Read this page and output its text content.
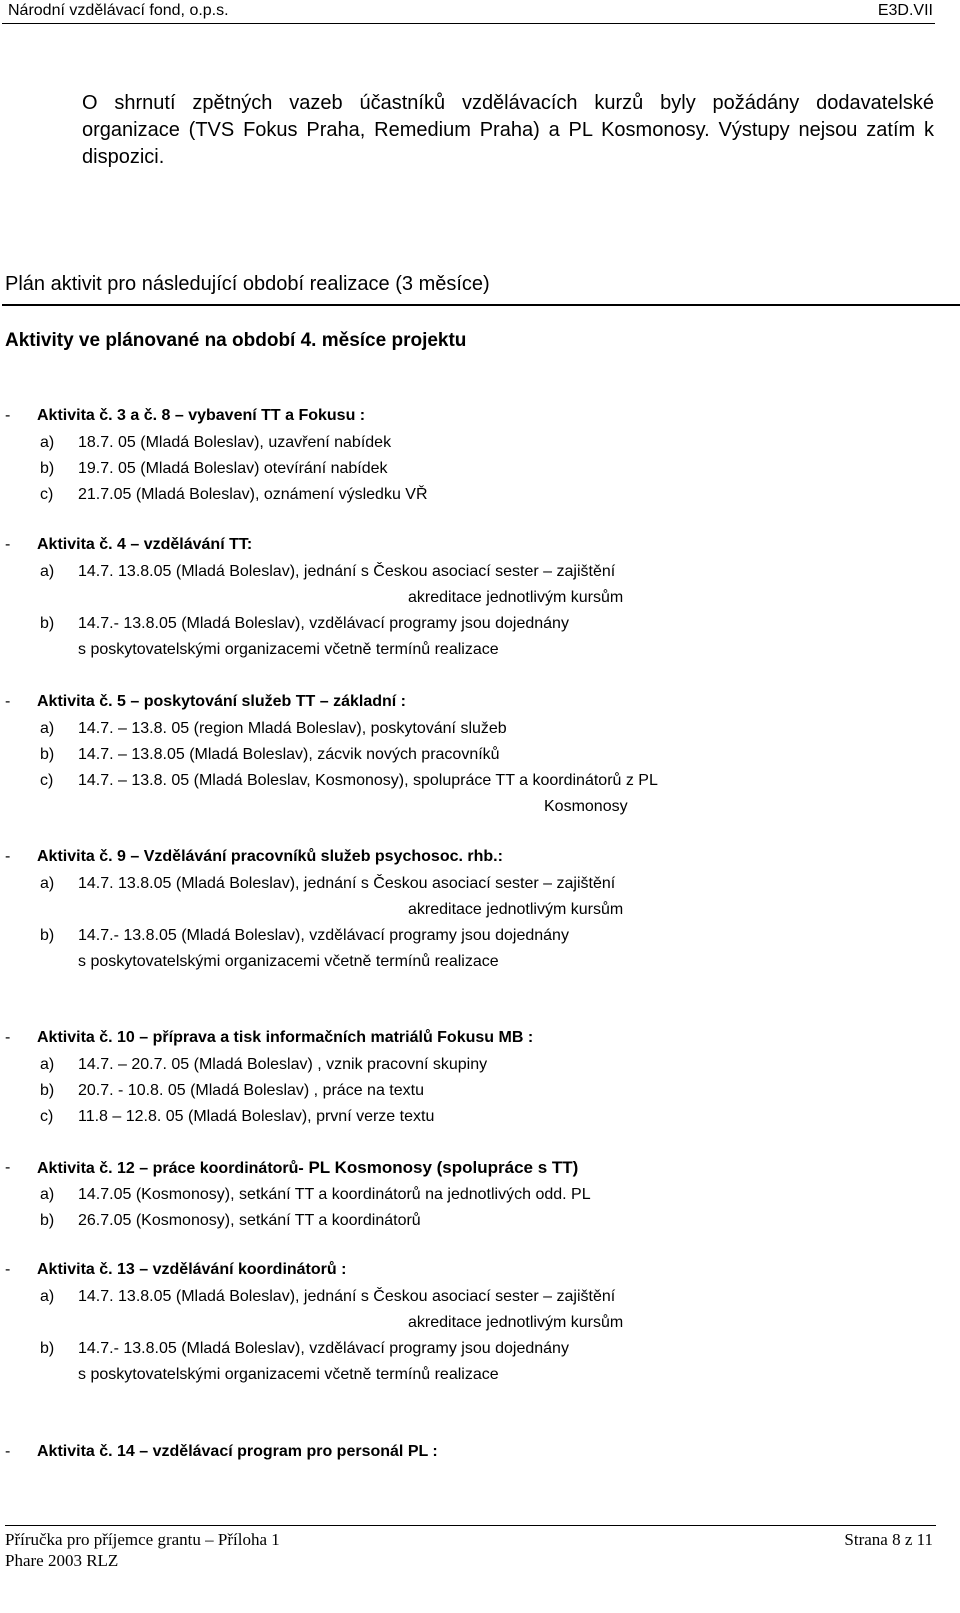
Národní vzdělávací fond, o.p.s.	E3D.VII
O shrnutí zpětných vazeb účastníků vzdělávacích kurzů byly požádány dodavatelské organizace (TVS Fokus Praha, Remedium Praha) a PL Kosmonosy. Výstupy nejsou zatím k dispozici.
Plán aktivit pro následující období realizace (3 měsíce)
Aktivity ve plánované na období 4. měsíce projektu
- Aktivita č. 3 a č. 8 – vybavení TT a Fokusu :
a) 18.7. 05 (Mladá Boleslav), uzavření nabídek
b) 19.7. 05 (Mladá Boleslav) otevírání nabídek
c) 21.7.05 (Mladá Boleslav), oznámení výsledku VŘ
- Aktivita č. 4 – vzdělávání TT:
a) 14.7. 13.8.05 (Mladá Boleslav), jednání s Českou asociací sester – zajištění
akreditace jednotlivým kursům
b) 14.7.- 13.8.05 (Mladá Boleslav), vzdělávací programy jsou dojednány
s poskytovatelskými organizacemi včetně termínů realizace
- Aktivita č. 5 – poskytování služeb TT – základní :
a) 14.7. – 13.8. 05 (region Mladá Boleslav), poskytování služeb
b) 14.7. – 13.8.05 (Mladá Boleslav), zácvik nových pracovníků
c) 14.7. – 13.8. 05 (Mladá Boleslav, Kosmonosy), spolupráce TT a koordinátorů z PL
Kosmonosy
- Aktivita č. 9 – Vzdělávání pracovníků služeb psychosoc. rhb.:
a) 14.7. 13.8.05 (Mladá Boleslav), jednání s Českou asociací sester – zajištění
akreditace jednotlivým kursům
b) 14.7.- 13.8.05 (Mladá Boleslav), vzdělávací programy jsou dojednány
s poskytovatelskými organizacemi včetně termínů realizace
- Aktivita č. 10 – příprava a tisk informačních matriálů Fokusu MB :
a) 14.7. – 20.7. 05 (Mladá Boleslav) , vznik pracovní skupiny
b) 20.7. - 10.8. 05 (Mladá Boleslav) , práce na textu
c) 11.8 – 12.8. 05 (Mladá Boleslav), první verze textu
- Aktivita č. 12 – práce koordinátorů- PL Kosmonosy (spolupráce s TT)
a) 14.7.05 (Kosmonosy), setkání TT a koordinátorů na jednotlivých odd. PL
b) 26.7.05 (Kosmonosy), setkání TT a koordinátorů
- Aktivita č. 13 – vzdělávání koordinátorů :
a) 14.7. 13.8.05 (Mladá Boleslav), jednání s Českou asociací sester – zajištění
akreditace jednotlivým kursům
b) 14.7.- 13.8.05 (Mladá Boleslav), vzdělávací programy jsou dojednány
s poskytovatelskými organizacemi včetně termínů realizace
- Aktivita č. 14 – vzdělávací program pro personál PL :
Příručka pro příjemce grantu – Příloha 1
Phare 2003 RLZ
Strana 8 z 11
